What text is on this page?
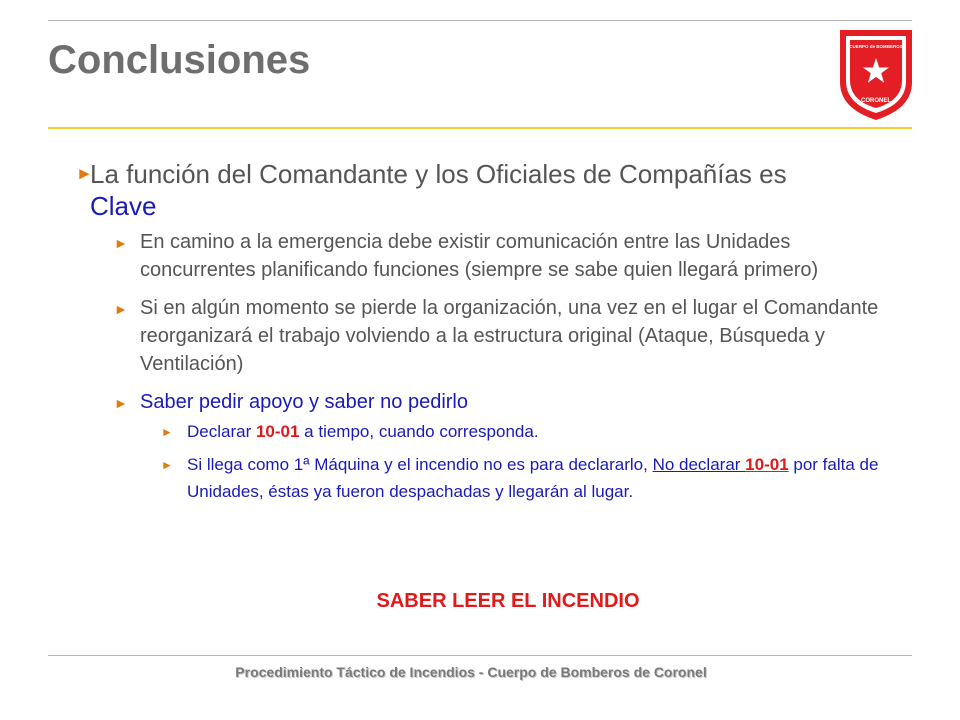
Conclusiones	CUERPO de BOMBEROS
CORONEL
►
La función del Comandante y los Oficiales de Compañías es Clave
► En camino a la emergencia debe existir comunicación entre las Unidades concurrentes planificando funciones (siempre se sabe quien llegará primero)
► Si en algún momento se pierde la organización, una vez en el lugar el Comandante reorganizará el trabajo volviendo a la estructura original (Ataque, Búsqueda y Ventilación)
► Saber pedir apoyo y saber no pedirlo
► Declarar 10-01 a tiempo, cuando corresponda.
► Si llega como 1ª Máquina y el incendio no es para declararlo, No declarar 10-01 por falta de Unidades, éstas ya fueron despachadas y llegarán al lugar.
SABER LEER EL INCENDIO
Procedimiento Táctico de Incendios - Cuerpo de Bomberos de Coronel
